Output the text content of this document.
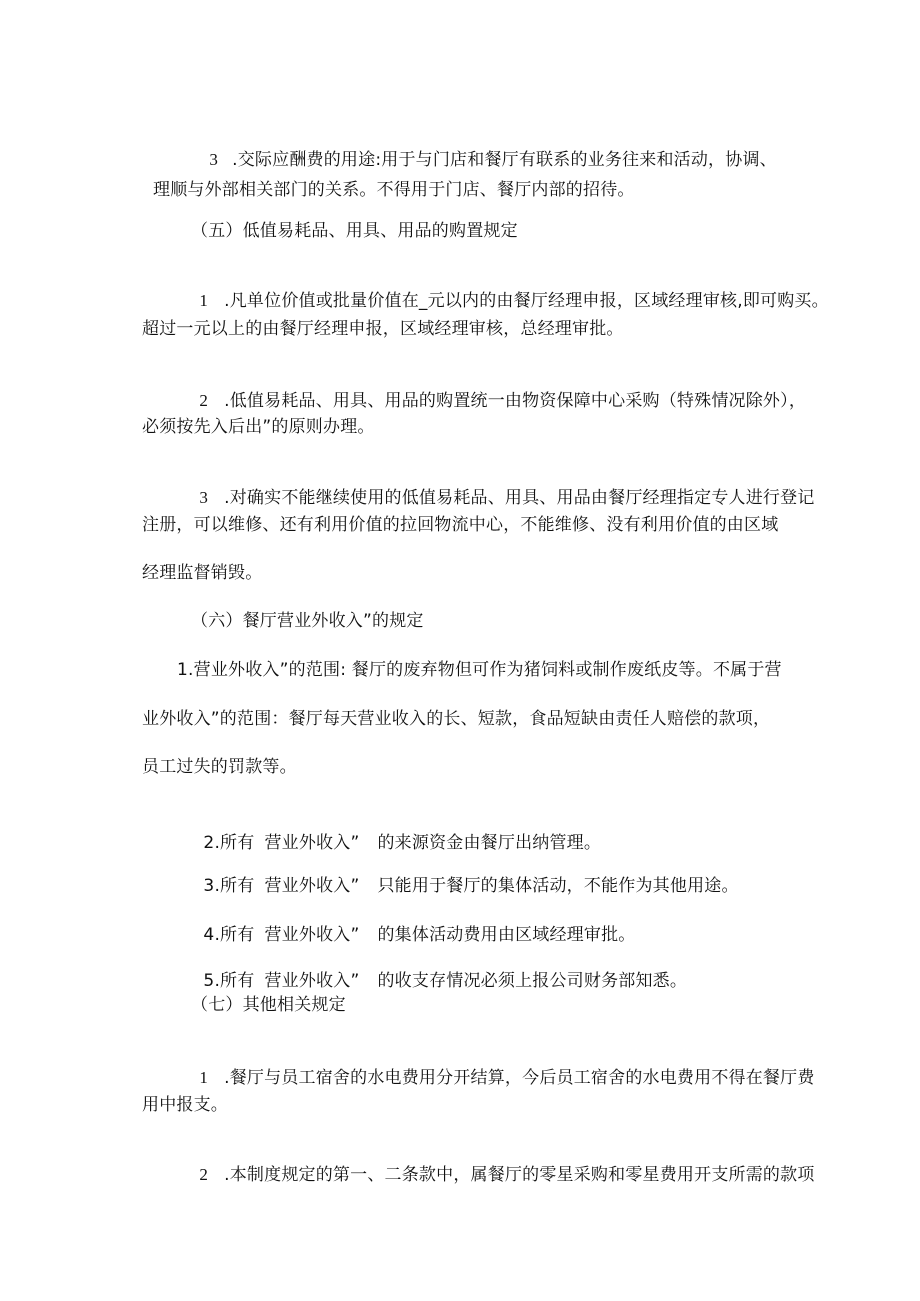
3 .交际应酬费的用途:用于与门店和餐厅有联系的业务往来和活动，协调、

理顺与外部相关部门的关系。不得用于门店、餐厅内部的招待。
（五）低值易耗品、用具、用品的购置规定

1 .凡单位价值或批量价值在_元以内的由餐厅经理申报，区域经理审核,即可购买。

超过一元以上的由餐厅经理申报，区域经理审核，总经理审批。

2 .低值易耗品、用具、用品的购置统一由物资保障中心采购（特殊情况除外），

必须按先入后出”的原则办理。

3 .对确实不能继续使用的低值易耗品、用具、用品由餐厅经理指定专人进行登记

注册，可以维修、还有利用价值的拉回物流中心，不能维修、没有利用价值的由区域
经理监督销毁。
（六）餐厅营业外收入”的规定
1.营业外收入”的范围: 餐厅的废弃物但可作为猪饲料或制作废纸皮等。不属于营
业外收入”的范围：餐厅每天营业收入的长、短款，食品短缺由责任人赔偿的款项，
员工过失的罚款等。

2.所有 营业外收入” 的来源资金由餐厅出纳管理。

3.所有 营业外收入” 只能用于餐厅的集体活动，不能作为其他用途。

4.所有 营业外收入” 的集体活动费用由区域经理审批。

5.所有 营业外收入” 的收支存情况必须上报公司财务部知悉。

（七）其他相关规定

1 .餐厅与员工宿舍的水电费用分开结算，今后员工宿舍的水电费用不得在餐厅费

用中报支。

2 .本制度规定的第一、二条款中，属餐厅的零星采购和零星费用开支所需的款项
